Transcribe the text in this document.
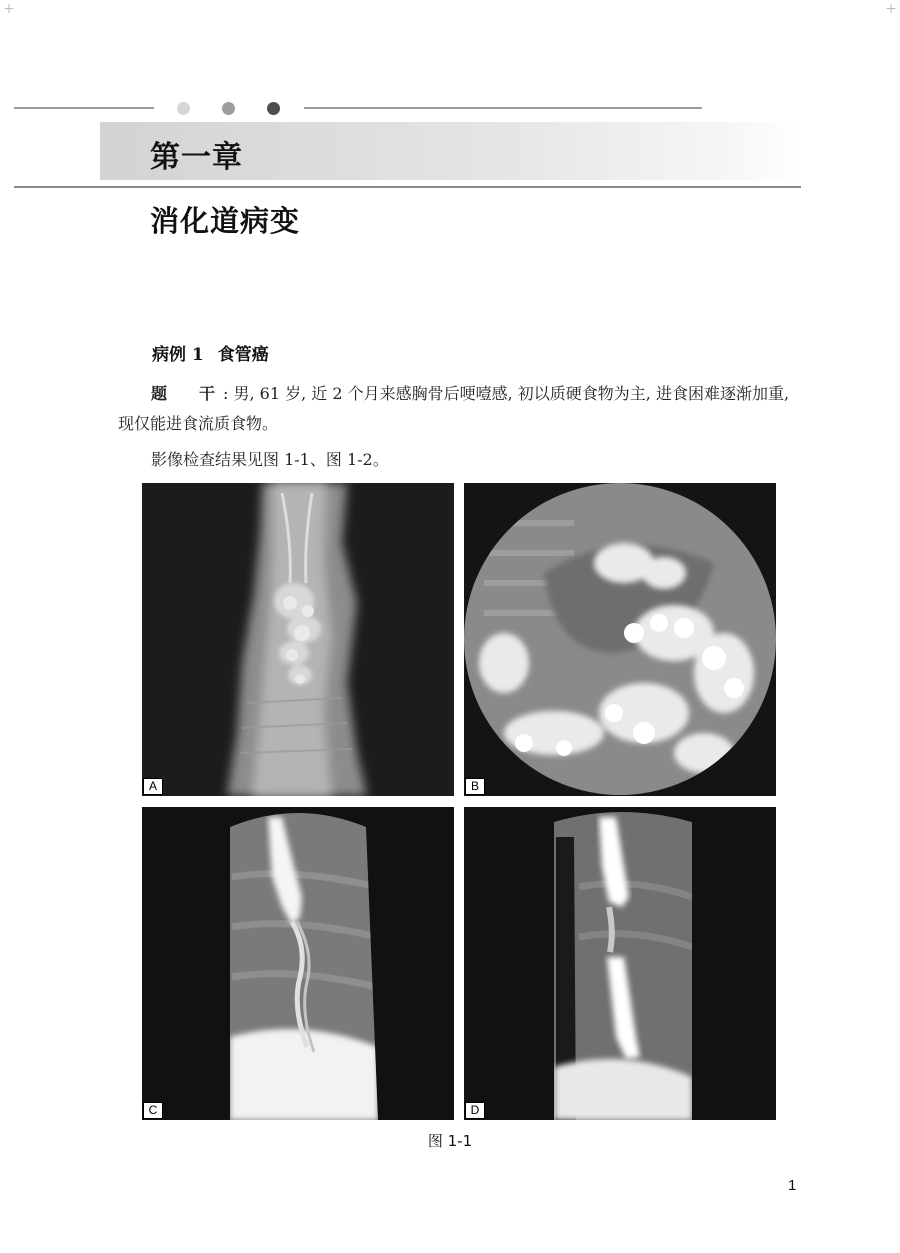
+	+
第一章
消化道病变
病例 1 食管癌
题　干: 男, 61 岁, 近 2 个月来感胸骨后哽噎感, 初以质硬食物为主, 进食困难逐渐加重, 现仅能进食流质食物。
影像检查结果见图 1-1、图 1-2。
A	B
C	D
图 1-1
1
